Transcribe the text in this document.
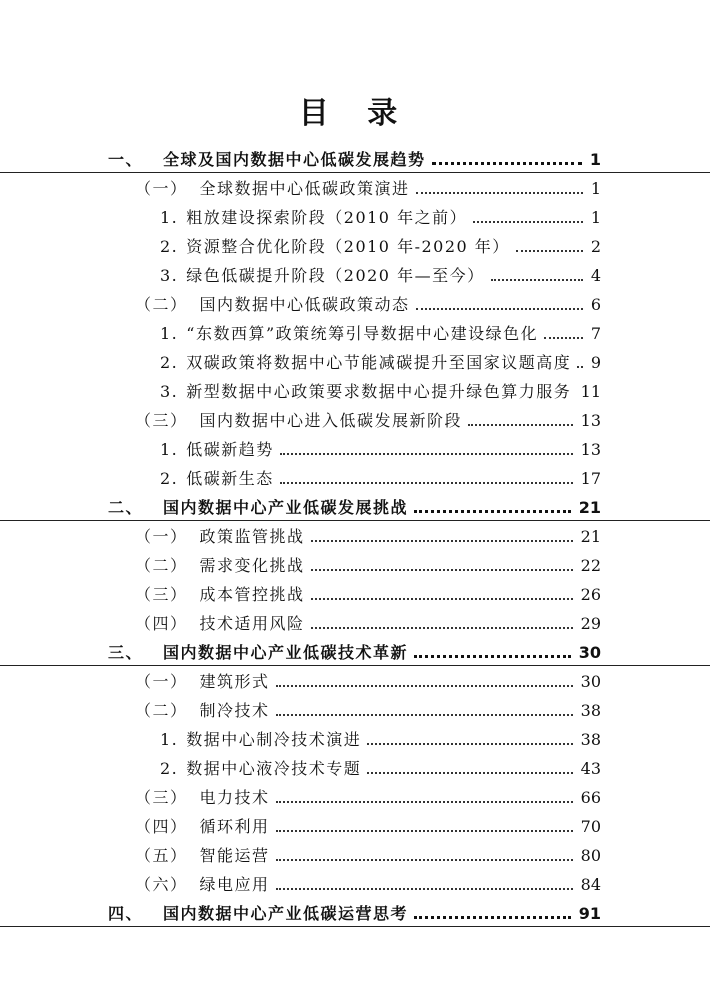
目 录
一、 全球及国内数据中心低碳发展趋势	1
（一） 全球数据中心低碳政策演进	1
1. 粗放建设探索阶段（2010 年之前）	1
2. 资源整合优化阶段（2010 年-2020 年）	2
3. 绿色低碳提升阶段（2020 年—至今）	4
（二） 国内数据中心低碳政策动态	6
1. “东数西算”政策统筹引导数据中心建设绿色化	7
2. 双碳政策将数据中心节能减碳提升至国家议题高度 9
3. 新型数据中心政策要求数据中心提升绿色算力服务 11
（三） 国内数据中心进入低碳发展新阶段	13
1. 低碳新趋势	13
2. 低碳新生态	17
二、 国内数据中心产业低碳发展挑战	21
（一） 政策监管挑战	21
（二） 需求变化挑战	22
（三） 成本管控挑战	26
（四） 技术适用风险	29
三、 国内数据中心产业低碳技术革新	30
（一） 建筑形式	30
（二） 制冷技术	38
1. 数据中心制冷技术演进	38
2. 数据中心液冷技术专题	43
（三） 电力技术	66
（四） 循环利用	70
（五） 智能运营	80
（六） 绿电应用	84
四、 国内数据中心产业低碳运营思考	91
